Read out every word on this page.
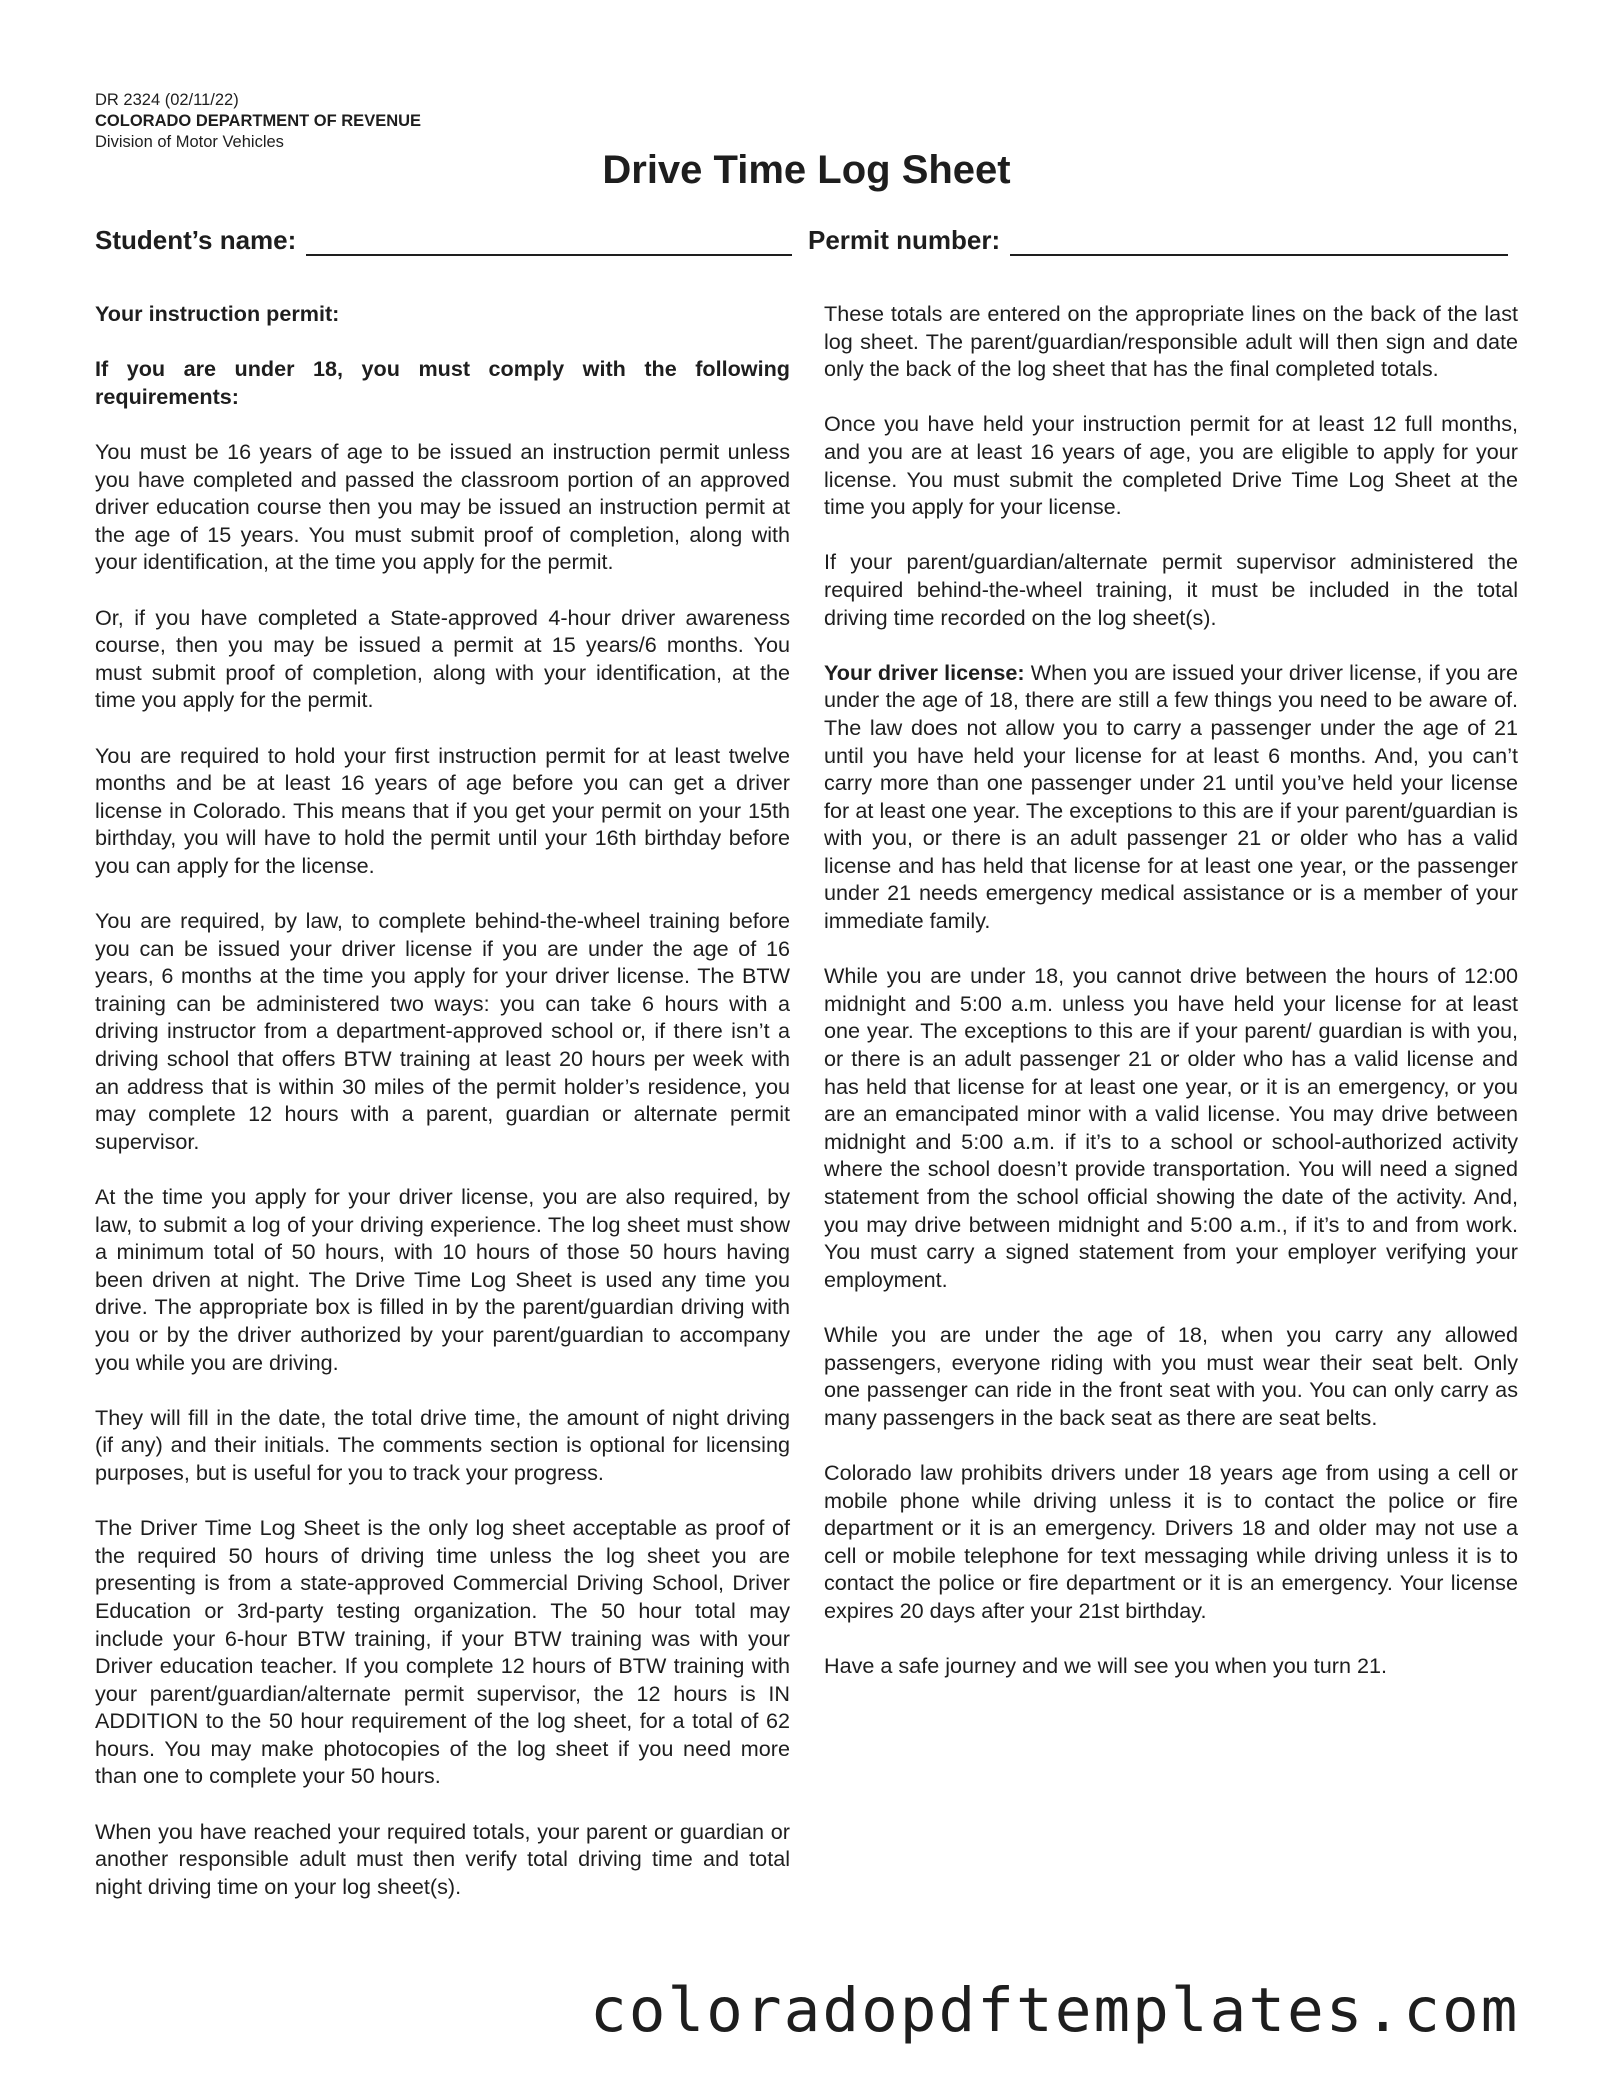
DR 2324 (02/11/22)
COLORADO DEPARTMENT OF REVENUE
Division of Motor Vehicles
Drive Time Log Sheet
Student’s name:	Permit number:

Your instruction permit:

If you are under 18, you must comply with the following requirements:

You must be 16 years of age to be issued an instruction permit unless you have completed and passed the classroom portion of an approved driver education course then you may be issued an instruction permit at the age of 15 years. You must submit proof of completion, along with your identification, at the time you apply for the permit.

Or, if you have completed a State-approved 4-hour driver awareness course, then you may be issued a permit at 15 years/6 months. You must submit proof of completion, along with your identification, at the time you apply for the permit.

You are required to hold your first instruction permit for at least twelve months and be at least 16 years of age before you can get a driver license in Colorado. This means that if you get your permit on your 15th birthday, you will have to hold the permit until your 16th birthday before you can apply for the license.

You are required, by law, to complete behind-the-wheel training before you can be issued your driver license if you are under the age of 16 years, 6 months at the time you apply for your driver license. The BTW training can be administered two ways: you can take 6 hours with a driving instructor from a department-approved school or, if there isn’t a driving school that offers BTW training at least 20 hours per week with an address that is within 30 miles of the permit holder’s residence, you may complete 12 hours with a parent, guardian or alternate permit supervisor.

At the time you apply for your driver license, you are also required, by law, to submit a log of your driving experience. The log sheet must show a minimum total of 50 hours, with 10 hours of those 50 hours having been driven at night. The Drive Time Log Sheet is used any time you drive. The appropriate box is filled in by the parent/guardian driving with you or by the driver authorized by your parent/guardian to accompany you while you are driving.

They will fill in the date, the total drive time, the amount of night driving (if any) and their initials. The comments section is optional for licensing purposes, but is useful for you to track your progress.

The Driver Time Log Sheet is the only log sheet acceptable as proof of the required 50 hours of driving time unless the log sheet you are presenting is from a state-approved Commercial Driving School, Driver Education or 3rd-party testing organization. The 50 hour total may include your 6-hour BTW training, if your BTW training was with your Driver education teacher. If you complete 12 hours of BTW training with your parent/guardian/alternate permit supervisor, the 12 hours is IN ADDITION to the 50 hour requirement of the log sheet, for a total of 62 hours. You may make photocopies of the log sheet if you need more than one to complete your 50 hours.

When you have reached your required totals, your parent or guardian or another responsible adult must then verify total driving time and total night driving time on your log sheet(s).

These totals are entered on the appropriate lines on the back of the last log sheet. The parent/guardian/responsible adult will then sign and date only the back of the log sheet that has the final completed totals.

Once you have held your instruction permit for at least 12 full months, and you are at least 16 years of age, you are eligible to apply for your license. You must submit the completed Drive Time Log Sheet at the time you apply for your license.

If your parent/guardian/alternate permit supervisor administered the required behind-the-wheel training, it must be included in the total driving time recorded on the log sheet(s).

Your driver license: When you are issued your driver license, if you are under the age of 18, there are still a few things you need to be aware of. The law does not allow you to carry a passenger under the age of 21 until you have held your license for at least 6 months. And, you can’t carry more than one passenger under 21 until you’ve held your license for at least one year. The exceptions to this are if your parent/guardian is with you, or there is an adult passenger 21 or older who has a valid license and has held that license for at least one year, or the passenger under 21 needs emergency medical assistance or is a member of your immediate family.

While you are under 18, you cannot drive between the hours of 12:00 midnight and 5:00 a.m. unless you have held your license for at least one year. The exceptions to this are if your parent/ guardian is with you, or there is an adult passenger 21 or older who has a valid license and has held that license for at least one year, or it is an emergency, or you are an emancipated minor with a valid license. You may drive between midnight and 5:00 a.m. if it’s to a school or school-authorized activity where the school doesn’t provide transportation. You will need a signed statement from the school official showing the date of the activity. And, you may drive between midnight and 5:00 a.m., if it’s to and from work. You must carry a signed statement from your employer verifying your employment.

While you are under the age of 18, when you carry any allowed passengers, everyone riding with you must wear their seat belt. Only one passenger can ride in the front seat with you. You can only carry as many passengers in the back seat as there are seat belts.

Colorado law prohibits drivers under 18 years age from using a cell or mobile phone while driving unless it is to contact the police or fire department or it is an emergency. Drivers 18 and older may not use a cell or mobile telephone for text messaging while driving unless it is to contact the police or fire department or it is an emergency. Your license expires 20 days after your 21st birthday.

Have a safe journey and we will see you when you turn 21.

coloradopdftemplates.com
